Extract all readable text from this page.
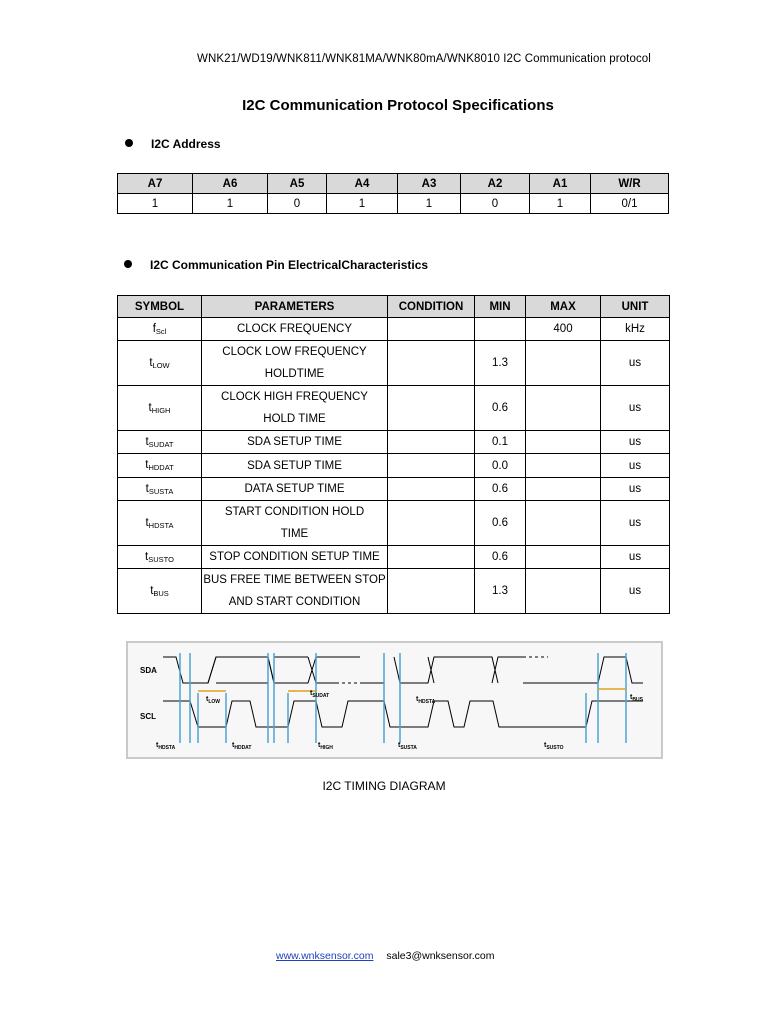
WNK21/WD19/WNK811/WNK81MA/WNK80mA/WNK8010 I2C Communication protocol
I2C Communication Protocol Specifications
I2C Address
A7	A6	A5	A4	A3	A2	A1	W/R
1	1	0	1	1	0	1	0/1
I2C Communication Pin ElectricalCharacteristics
SYMBOL	PARAMETERS	CONDITION	MIN	MAX	UNIT
$f_{Scl}$	CLOCK FREQUENCY			400	kHz
$t_{LOW}$	CLOCK LOW FREQUENCY
HOLDTIME		1.3		us
$t_{HIGH}$	CLOCK HIGH FREQUENCY
HOLD TIME		0.6		us
$t_{SUDAT}$	SDA SETUP TIME		0.1		us
$t_{HDDAT}$	SDA SETUP TIME		0.0		us
$t_{SUSTA}$	DATA SETUP TIME		0.6		us
$t_{HDSTA}$	START CONDITION HOLD
TIME		0.6		us
$t_{SUSTO}$	STOP CONDITION SETUP TIME		0.6		us
$t_{BUS}$	BUS FREE TIME BETWEEN STOP
AND START CONDITION		1.3		us
SDA
SCL
$t_{LOW}$
$t_{SUDAT}$	$t_{HDSTA}$
$t_{BUS}$
$t_{HDSTA}$	$t_{HDDAT}$	$t_{HIGH}$	$t_{SUSTA}$	$t_{SUSTO}$
I2C TIMING DIAGRAM
www.wnksensor.com sale3@wnksensor.com
